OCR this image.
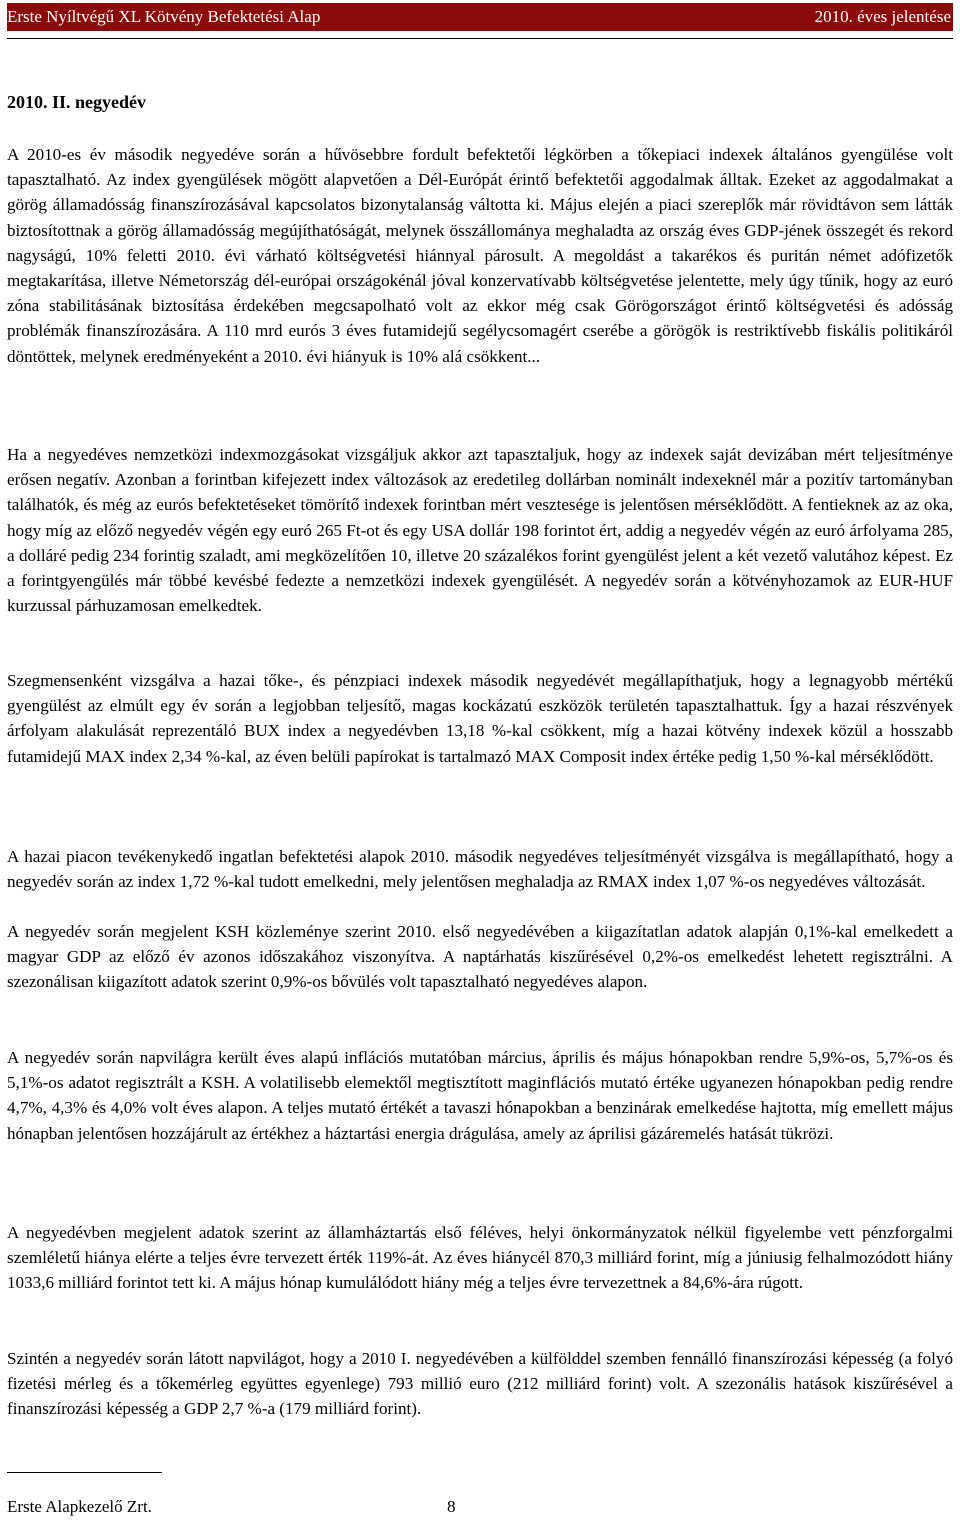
Erste Nyíltvégű XL Kötvény Befektetési Alap	2010. éves jelentése
2010. II. negyedév

A 2010-es év második negyedéve során a hűvösebbre fordult befektetői légkörben a tőkepiaci indexek általános gyengülése volt tapasztalható. Az index gyengülések mögött alapvetően a Dél-Európát érintő befektetői aggodalmak álltak. Ezeket az aggodalmakat a görög államadósság finanszírozásával kapcsolatos bizonytalanság váltotta ki. Május elején a piaci szereplők már rövidtávon sem látták biztosítottnak a görög államadósság megújíthatóságát, melynek összállománya meghaladta az ország éves GDP-jének összegét és rekord nagyságú, 10% feletti 2010. évi várható költségvetési hiánnyal párosult. A megoldást a takarékos és puritán német adófizetők megtakarítása, illetve Németország dél-európai országokénál jóval konzervatívabb költségvetése jelentette, mely úgy tűnik, hogy az euró zóna stabilitásának biztosítása érdekében megcsapolható volt az ekkor még csak Görögországot érintő költségvetési és adósság problémák finanszírozására. A 110 mrd eurós 3 éves futamidejű segélycsomagért cserébe a görögök is restriktívebb fiskális politikáról döntöttek, melynek eredményeként a 2010. évi hiányuk is 10% alá csökkent...

Ha a negyedéves nemzetközi indexmozgásokat vizsgáljuk akkor azt tapasztaljuk, hogy az indexek saját devizában mért teljesítménye erősen negatív. Azonban a forintban kifejezett index változások az eredetileg dollárban nominált indexeknél már a pozitív tartományban találhatók, és még az eurós befektetéseket tömörítő indexek forintban mért vesztesége is jelentősen mérséklődött. A fentieknek az az oka, hogy míg az előző negyedév végén egy euró 265 Ft-ot és egy USA dollár 198 forintot ért, addig a negyedév végén az euró árfolyama 285, a dolláré pedig 234 forintig szaladt, ami megközelítően 10, illetve 20 százalékos forint gyengülést jelent a két vezető valutához képest. Ez a forintgyengülés már többé kevésbé fedezte a nemzetközi indexek gyengülését. A negyedév során a kötvényhozamok az EUR-HUF kurzussal párhuzamosan emelkedtek.

Szegmensenként vizsgálva a hazai tőke-, és pénzpiaci indexek második negyedévét megállapíthatjuk, hogy a legnagyobb mértékű gyengülést az elmúlt egy év során a legjobban teljesítő, magas kockázatú eszközök területén tapasztalhattuk. Így a hazai részvények árfolyam alakulását reprezentáló BUX index a negyedévben 13,18 %-kal csökkent, míg a hazai kötvény indexek közül a hosszabb futamidejű MAX index 2,34 %-kal, az éven belüli papírokat is tartalmazó MAX Composit index értéke pedig 1,50 %-kal mérséklődött.

A hazai piacon tevékenykedő ingatlan befektetési alapok 2010. második negyedéves teljesítményét vizsgálva is megállapítható, hogy a negyedév során az index 1,72 %-kal tudott emelkedni, mely jelentősen meghaladja az RMAX index 1,07 %-os negyedéves változását.

A negyedév során megjelent KSH közleménye szerint 2010. első negyedévében a kiigazítatlan adatok alapján 0,1%-kal emelkedett a magyar GDP az előző év azonos időszakához viszonyítva. A naptárhatás kiszűrésével 0,2%-os emelkedést lehetett regisztrálni. A szezonálisan kiigazított adatok szerint 0,9%-os bővülés volt tapasztalható negyedéves alapon.

A negyedév során napvilágra került éves alapú inflációs mutatóban március, április és május hónapokban rendre 5,9%-os, 5,7%-os és 5,1%-os adatot regisztrált a KSH. A volatilisebb elemektől megtisztított maginflációs mutató értéke ugyanezen hónapokban pedig rendre 4,7%, 4,3% és 4,0% volt éves alapon. A teljes mutató értékét a tavaszi hónapokban a benzinárak emelkedése hajtotta, míg emellett május hónapban jelentősen hozzájárult az értékhez a háztartási energia drágulása, amely az áprilisi gázáremelés hatását tükrözi.

A negyedévben megjelent adatok szerint az államháztartás első féléves, helyi önkormányzatok nélkül figyelembe vett pénzforgalmi szemléletű hiánya elérte a teljes évre tervezett érték 119%-át. Az éves hiánycél 870,3 milliárd forint, míg a júniusig felhalmozódott hiány 1033,6 milliárd forintot tett ki. A május hónap kumulálódott hiány még a teljes évre tervezettnek a 84,6%-ára rúgott.

Szintén a negyedév során látott napvilágot, hogy a 2010 I. negyedévében a külfölddel szemben fennálló finanszírozási képesség (a folyó fizetési mérleg és a tőkemérleg együttes egyenlege) 793 millió euro (212 milliárd forint) volt. A szezonális hatások kiszűrésével a finanszírozási képesség a GDP 2,7 %-a (179 milliárd forint).

Erste Alapkezelő Zrt.	8
